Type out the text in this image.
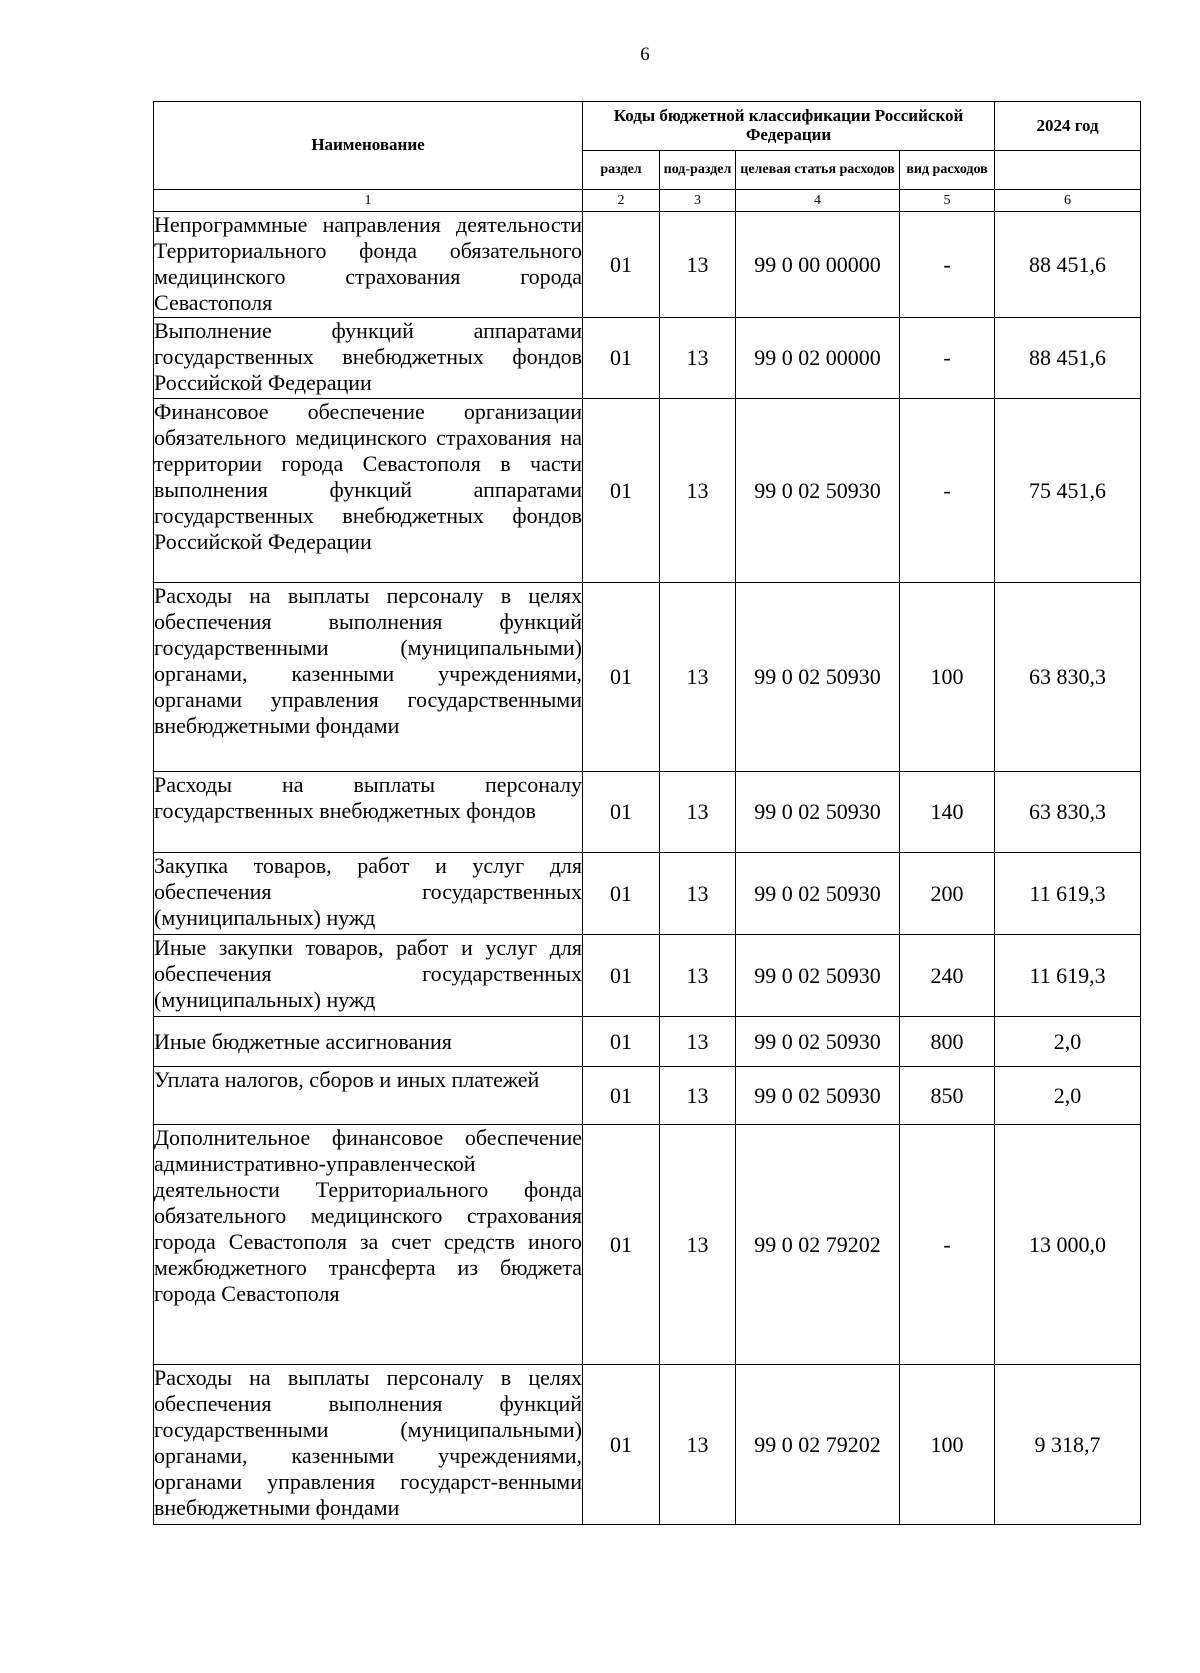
6
Наименование	Коды бюджетной классификации Российской Федерации				2024 год
	раздел	под-раздел	целевая статья расходов	вид расходов	
1	2	3	4	5	6
Непрограммные направления деятельности Территориального фонда обязательного медицинского страхования города Севастополя	01	13	99 0 00 00000	-	88 451,6
Выполнение функций аппаратами государственных внебюджетных фондов Российской Федерации	01	13	99 0 02 00000	-	88 451,6
Финансовое обеспечение организации обязательного медицинского страхования на территории города Севастополя в части выполнения функций аппаратами государственных внебюджетных фондов Российской Федерации	01	13	99 0 02 50930	-	75 451,6
Расходы на выплаты персоналу в целях обеспечения выполнения функций государственными (муниципальными) органами, казенными учреждениями, органами управления государственными внебюджетными фондами	01	13	99 0 02 50930	100	63 830,3
Расходы на выплаты персоналу государственных внебюджетных фондов	01	13	99 0 02 50930	140	63 830,3
Закупка товаров, работ и услуг для обеспечения государственных (муниципальных) нужд	01	13	99 0 02 50930	200	11 619,3
Иные закупки товаров, работ и услуг для обеспечения государственных (муниципальных) нужд	01	13	99 0 02 50930	240	11 619,3
Иные бюджетные ассигнования	01	13	99 0 02 50930	800	2,0
Уплата налогов, сборов и иных платежей	01	13	99 0 02 50930	850	2,0
Дополнительное финансовое обеспечение административно-управленческой деятельности Территориального фонда обязательного медицинского страхования города Севастополя за счет средств иного межбюджетного трансферта из бюджета города Севастополя	01	13	99 0 02 79202	-	13 000,0
Расходы на выплаты персоналу в целях обеспечения выполнения функций государственными (муниципальными) органами, казенными учреждениями, органами управления государст-венными внебюджетными фондами	01	13	99 0 02 79202	100	9 318,7
